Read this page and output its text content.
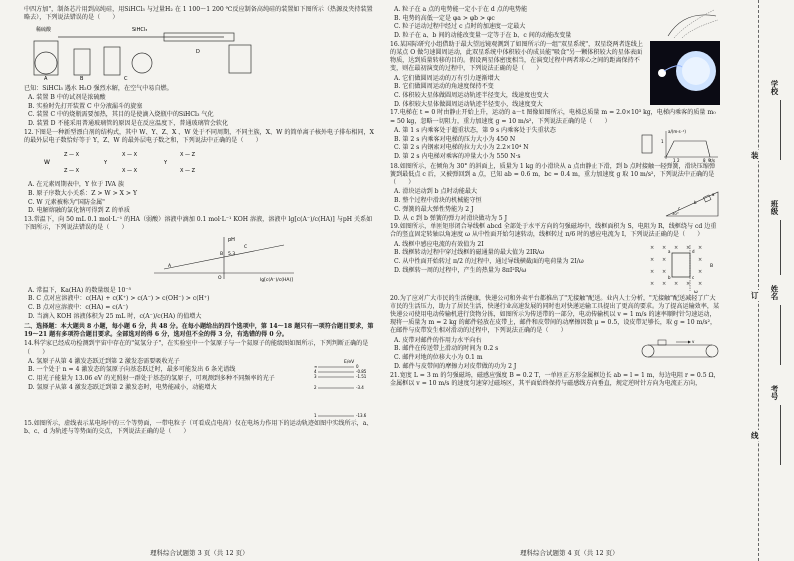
中四方加"，制备芯片用到高纯硅，用SiHCl₃ 与过量H₂ 在 1 100～1 200 ℃反应制备高纯硅的装置如下图所示（热源及夹持装置略去），下列说法错误的是（　　）
稀硫酸	SiHCl₃
A	B	C
D
已知：SiHCl₃ 遇水 H₂O 强烈水解，在空气中易自燃。
A. 装置 B 中的试剂是浓硫酸
B. 实验时先打开装置 C 中分液漏斗的旋塞
C. 装置 C 中的烧瓶需要加热，其目的是使滴入烧瓶中的SiHCl₃ 气化
D. 装置 D 不能采用普通玻璃管的原因是在反应温度下，普通玻璃管会软化
12.下图是一种新型漂白剂的结构式，其中 W、Y、Z、X 、W 处于不同周期，不同主族，X、W 的简单离子核外电子排布相同，X的最外层电子数恰好等于 Y，Z、W 的最外层电子数之和，下列说法中正确的是（　　）
W
Z — X
Z — X
Y
X — X
X — X
Y
X — Z
X — Z
A. 在元素周期表中，Y 位于 IVA 族
B. 原子序数大小关系：Z > W > X > Y
C. W 元素被称为"国防金属"
D. 电解熔融的氯化钠可得到 Z 的单质
13.常温下，向 50 mL 0.1 mol·L⁻¹ 的HA（弱酸）溶液中滴加 0.1 mol·L⁻¹ KOH 溶液，溶液中 lg[c(A⁻)/c(HA)] 与pH 关系如下图所示，下列说法错误的是（　　）
pH
lg[c(A⁻)/c(HA)]
5.3
A
B
C
O
A. 常温下，Ka(HA) 的数量级是 10⁻⁵
B. C 点对应溶液中：c(HA) + c(K⁺) > c(A⁻) > c(OH⁻) > c(H⁺)
C. B 点对应溶液中：c(HA) = c(A⁻)
D. 当滴入 KOH 溶液体积为 25 mL 时，c(A⁻)/c(HA) 的值增大
二、选择题：本大题共 8 小题，每小题 6 分，共 48 分。在每小题给出的四个选项中，第 14～18 题只有一项符合题目要求，第 19～21 题有多项符合题目要求。全部选对的得 6 分，选对但不全的得 3 分，有选错的得 0 分。
14.科学家已经成功检测到宇宙中存在的"氦氢分子"，在实验室中一个氢原子与一个氦原子的能级图如图所示，下列判断正确的是（　　）
A. 氢原子从第 4 激发态跃迁到第 2 激发态需要吸收光子
B. 一个处于 n = 4 激发态的氢原子向基态跃迁时，最多可能发出 6 条光谱线
C. 用光子能量为 13.06 eV 的光照射一群处于基态的氢原子，可观测到多种不同频率的光子
D. 氢原子从第 4 激发态跃迁到第 2 激发态时，电势能减小，动能增大
E/eV
∞
4
3
2
1
0
-0.85
-1.51
-3.4
-13.6
15.如图所示，虚线表示某电场中的三个等势面，一带电粒子（可看成点电荷）仅在电场力作用下的运动轨迹如图中实线所示，a、b、c、d 为轨迹与等势面的交点，下列说法正确的是（　　）
A. 粒子在 a 点的电势能一定小于在 d 点的电势能
B. 电势的高低一定是 φa > φb > φc
C. 粒子运动过程中经过 c 点时的加速度一定最大
D. 粒子在 a、b 间的动能改变量一定等于在 b、c 间的动能改变量
16.某国际研究小组借助于最大望远镜观测到了如图所示的一组"双星系统"，双星绕两者连线上的某点 O 做匀速圆周运动，此双星系统中体积较小的成员能"吸食"另一颗体积较大的星体表面物质，达到质量转移的目的。假设两星体密度相当，在演变过程中两者球心之间的距离保持不变，则在最初演变的过程中，下列说法正确的是（　　）
A. 它们做圆周运动的万有引力逐渐增大
B. 它们做圆周运动的角速度保持不变
C. 体积较大星体做圆周运动轨迹半径变大，线速度也变大
D. 体积较大星体做圆周运动轨迹半径变小，线速度变大
17.电梯在 t = 0 时由静止开始上升，运动的 a－t 图像如图所示，电梯总质量 m = 2.0×10³ kg，电梯内乘客的质量 m₀ = 50 kg，忽略一切阻力，重力加速度 g = 10 m/s²，下列说法正确的是（　　）
A. 第 1 s 内乘客处于超重状态，第 9 s 内乘客处于失重状态
B. 第 2 s 内乘客对电梯的压力大小为 450 N
C. 第 2 s 内钢索对电梯的拉力大小为 2.2×10⁴ N
D. 第 2 s 内电梯对乘客的冲量大小为 550 N·s
a/(m·s⁻²)
t/s
1
1 2	8 9
18.如图所示，在倾角为 30° 的斜面上，质量为 1 kg 的小滑块从 a 点由静止下滑，到 b 点时接触一轻弹簧，滑块压缩弹簧到最低点 c 后，又被弹回到 a 点，已知 ab = 0.6 m，bc = 0.4 m，重力加速度 g 取 10 m/s²，下列说法中正确的是（　　）
A. 滑块运动到 b 点时动能最大
B. 整个过程中滑块的机械能守恒
C. 弹簧的最大弹性势能为 2 J
D. 从 c 到 b 弹簧的弹力对滑块做功为 5 J
a
b
c
30°
19.如图所示，单匝矩形闭合导线框 abcd 全部处于水平方向的匀强磁场中，线框面积为 S，电阻为 R，线框绕与 cd 边重合的竖直固定转轴以角速度 ω 从中性面开始匀速转动，线框转过 π/6 时的感应电流为 I，下列说法正确的是（　　）
A. 线框中感应电流的有效值为 2I
B. 线框转动过程中穿过线框的磁通量的最大值为 2IR/ω
C. 从中性面开始转过 π/2 的过程中，通过导线横截面的电荷量为 2I/ω
D. 线框转一周的过程中，产生的热量为 8πI²R/ω
× × × × ×
× ×	×
× ×	×
× × × × ×
a
b	c
d
B
ω
20.为了应对广大市民的生活健康，快递公司和外卖平台都推出了"无接触"配送。业内人士分析，"无接触"配送减轻了广大市民的生活压力，助力了居民生活，快递行业高速发展的同时也对快递运输工具提出了更高的要求。为了提高运输效率，某快递公司使用电动传输机进行货物分拣，如图所示为传送带的一部分，电动传输机以 v = 1 m/s 的速率顺时针匀速运动，现将一质量为 m = 2 kg 的邮件轻放在皮带上，邮件和皮带间的动摩擦因数 μ = 0.5，设皮带足够长，取 g = 10 m/s²，在邮件与皮带发生相对滑动的过程中，下列说法正确的是（　　）
A. 皮带对邮件的作用力水平向右
B. 邮件在传送带上滑动的时间为 0.2 s
C. 邮件对地的位移大小为 0.1 m
D. 邮件与皮带间的摩擦力对皮带做的功为 2 J
v
21.宽度 L = 3 m 的匀强磁场，磁感应强度 B = 0.2 T，一单匝正方形金属框边长 ab = l = 1 m，每边电阻 r = 0.5 Ω，金属框以 v = 10 m/s 的速度匀速穿过磁场区，其平面始终保持与磁感线方向垂直，规定逆时针方向为电流正方向，
理科综合试题第 3 页（共 12 页）	理科综合试题第 4 页（共 12 页）
装
订
线
学校
班级
姓名
考号
